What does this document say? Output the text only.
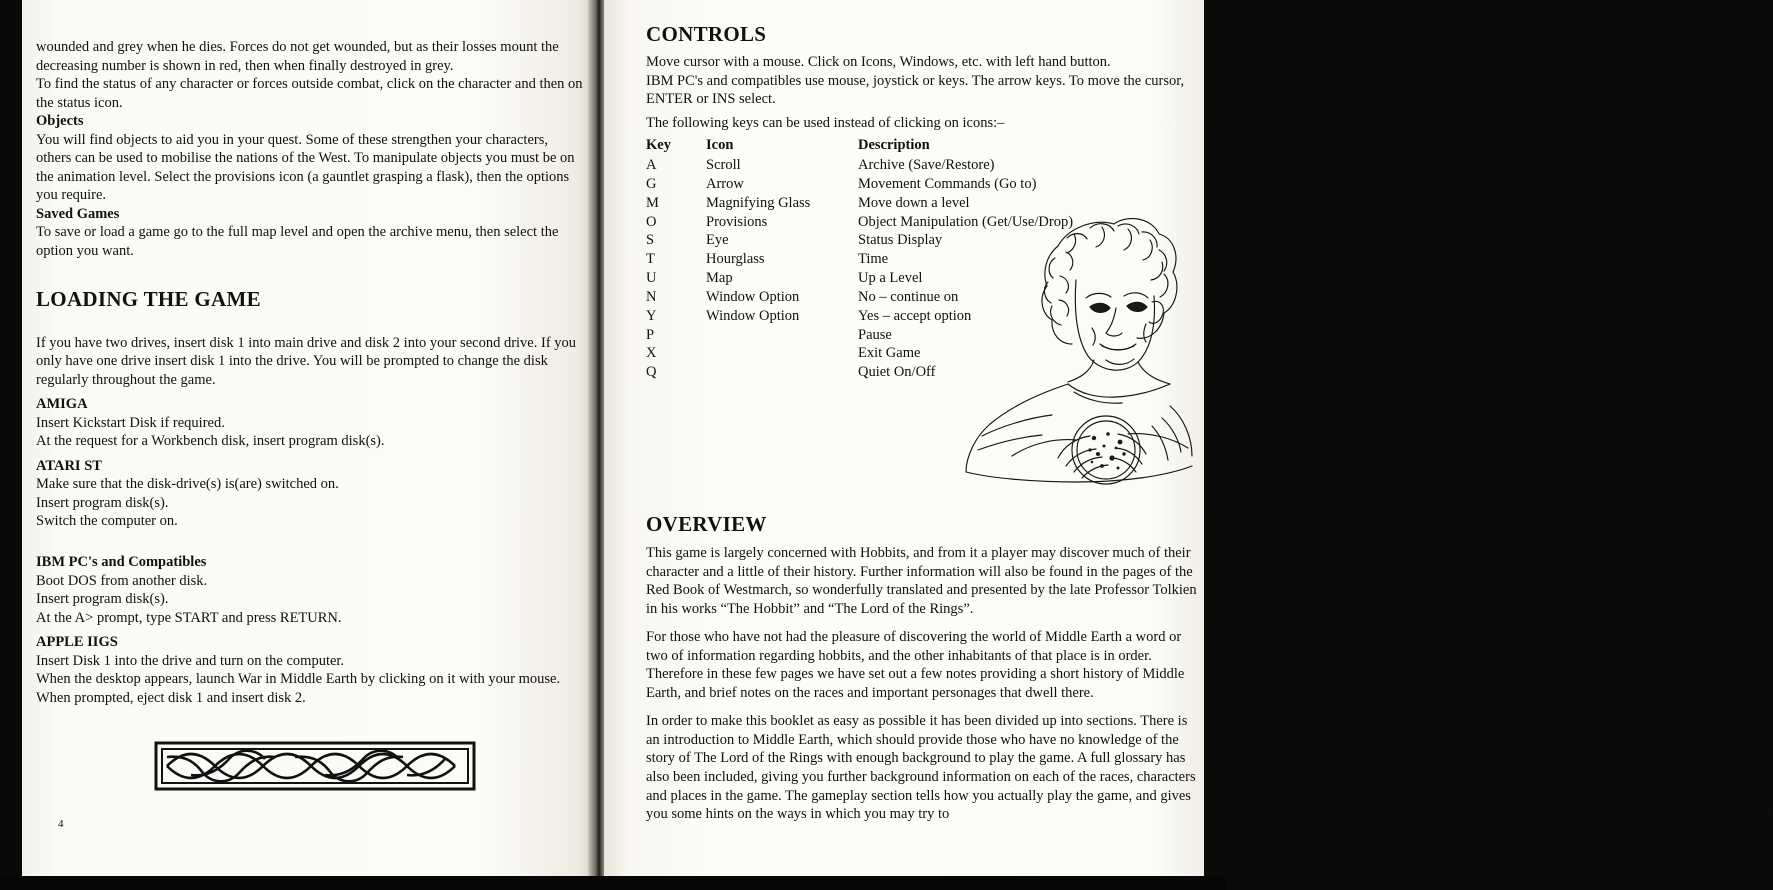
wounded and grey when he dies. Forces do not get wounded, but as their losses mount the decreasing number is shown in red, then when finally destroyed in grey.

To find the status of any character or forces outside combat, click on the character and then on the status icon.

Objects

You will find objects to aid you in your quest. Some of these strengthen your characters, others can be used to mobilise the nations of the West. To manipulate objects you must be on the animation level. Select the provisions icon (a gauntlet grasping a flask), then the options you require.

Saved Games

To save or load a game go to the full map level and open the archive menu, then select the option you want.

LOADING THE GAME

If you have two drives, insert disk 1 into main drive and disk 2 into your second drive. If you only have one drive insert disk 1 into the drive. You will be prompted to change the disk regularly throughout the game.

AMIGA

Insert Kickstart Disk if required.

At the request for a Workbench disk, insert program disk(s).

ATARI ST

Make sure that the disk-drive(s) is(are) switched on.

Insert program disk(s).

Switch the computer on.

IBM PC's and Compatibles

Boot DOS from another disk.

Insert program disk(s).

At the A> prompt, type START and press RETURN.

APPLE IIGS

Insert Disk 1 into the drive and turn on the computer.

When the desktop appears, launch War in Middle Earth by clicking on it with your mouse.

When prompted, eject disk 1 and insert disk 2.

4
CONTROLS

Move cursor with a mouse. Click on Icons, Windows, etc. with left hand button.

IBM PC's and compatibles use mouse, joystick or keys. The arrow keys. To move the cursor, ENTER or INS select.

The following keys can be used instead of clicking on icons:–

Key	Icon	Description
A	Scroll	Archive (Save/Restore)
G	Arrow	Movement Commands (Go to)
M	Magnifying Glass	Move down a level
O	Provisions	Object Manipulation (Get/Use/Drop)
S	Eye	Status Display
T	Hourglass	Time
U	Map	Up a Level
N	Window Option	No – continue on
Y	Window Option	Yes – accept option
P		Pause
X		Exit Game
Q		Quiet On/Off
OVERVIEW

This game is largely concerned with Hobbits, and from it a player may discover much of their character and a little of their history. Further information will also be found in the pages of the Red Book of Westmarch, so wonderfully translated and presented by the late Professor Tolkien in his works “The Hobbit” and “The Lord of the Rings”.

For those who have not had the pleasure of discovering the world of Middle Earth a word or two of information regarding hobbits, and the other inhabitants of that place is in order. Therefore in these few pages we have set out a few notes providing a short history of Middle Earth, and brief notes on the races and important personages that dwell there.

In order to make this booklet as easy as possible it has been divided up into sections. There is an introduction to Middle Earth, which should provide those who have no knowledge of the story of The Lord of the Rings with enough background to play the game. A full glossary has also been included, giving you further background information on each of the races, characters and places in the game. The gameplay section tells how you actually play the game, and gives you some hints on the ways in which you may try to	5
